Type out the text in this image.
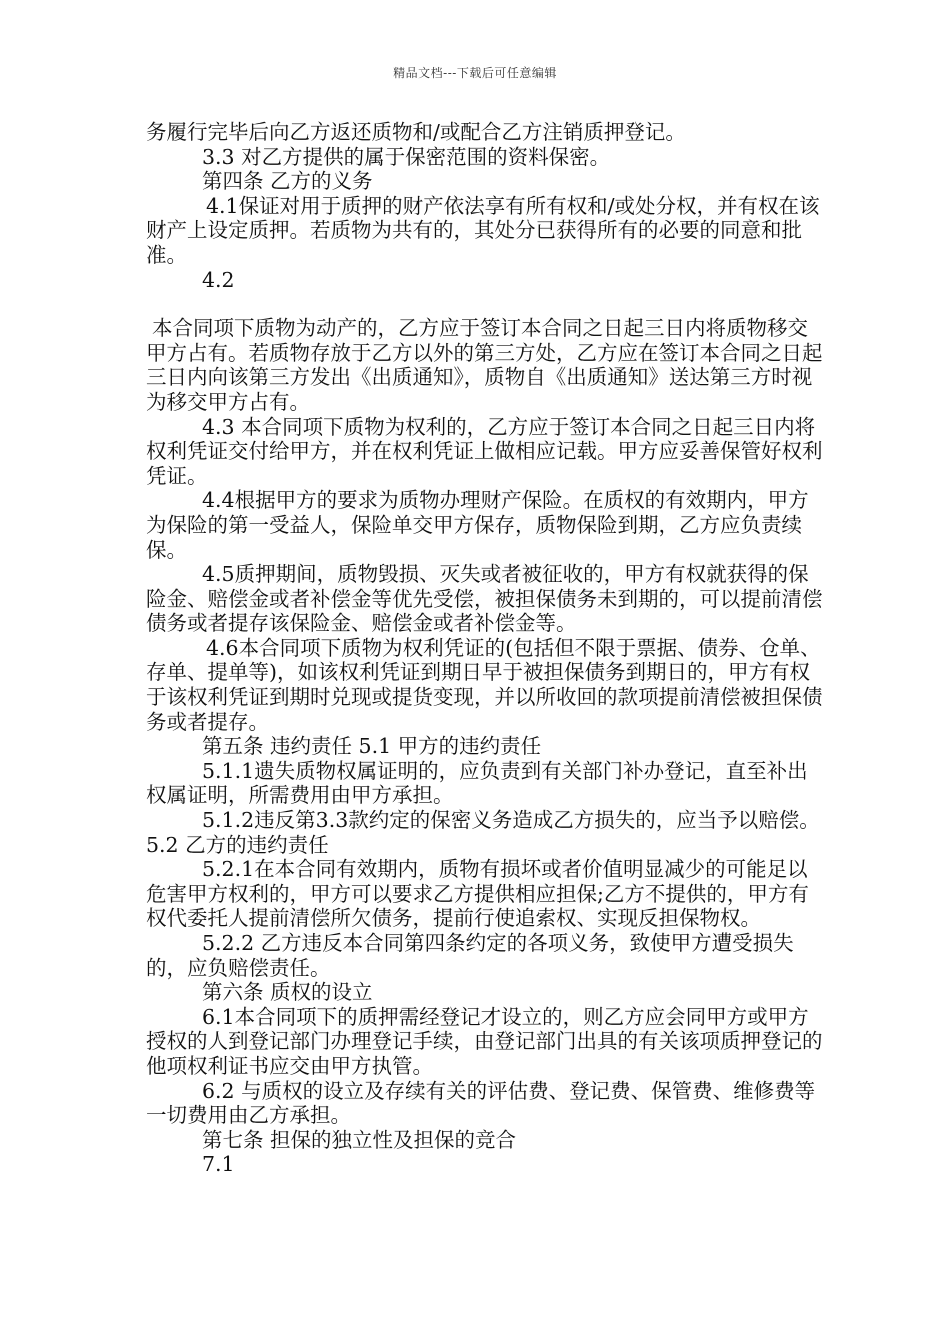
精品文档---下载后可任意编辑

务履行完毕后向乙方返还质物和/或配合乙方注销质押登记。

3.3 对乙方提供的属于保密范围的资料保密。

第四条 乙方的义务

4.1保证对用于质押的财产依法享有所有权和/或处分权，并有权在该财产上设定质押。若质物为共有的，其处分已获得所有的必要的同意和批准。

4.2

本合同项下质物为动产的，乙方应于签订本合同之日起三日内将质物移交甲方占有。若质物存放于乙方以外的第三方处，乙方应在签订本合同之日起三日内向该第三方发出《出质通知》，质物自《出质通知》送达第三方时视为移交甲方占有。

4.3 本合同项下质物为权利的，乙方应于签订本合同之日起三日内将权利凭证交付给甲方，并在权利凭证上做相应记载。甲方应妥善保管好权利凭证。

4.4根据甲方的要求为质物办理财产保险。在质权的有效期内，甲方为保险的第一受益人，保险单交甲方保存，质物保险到期，乙方应负责续保。

4.5质押期间，质物毁损、灭失或者被征收的，甲方有权就获得的保险金、赔偿金或者补偿金等优先受偿，被担保债务未到期的，可以提前清偿债务或者提存该保险金、赔偿金或者补偿金等。

4.6本合同项下质物为权利凭证的(包括但不限于票据、债券、仓单、存单、提单等)，如该权利凭证到期日早于被担保债务到期日的，甲方有权于该权利凭证到期时兑现或提货变现，并以所收回的款项提前清偿被担保债务或者提存。

第五条 违约责任 5.1 甲方的违约责任

5.1.1遗失质物权属证明的，应负责到有关部门补办登记，直至补出权属证明，所需费用由甲方承担。

5.1.2违反第3.3款约定的保密义务造成乙方损失的，应当予以赔偿。 5.2 乙方的违约责任

5.2.1在本合同有效期内，质物有损坏或者价值明显减少的可能足以危害甲方权利的，甲方可以要求乙方提供相应担保;乙方不提供的，甲方有权代委托人提前清偿所欠债务，提前行使追索权、实现反担保物权。

5.2.2 乙方违反本合同第四条约定的各项义务，致使甲方遭受损失的，应负赔偿责任。

第六条 质权的设立

6.1本合同项下的质押需经登记才设立的，则乙方应会同甲方或甲方授权的人到登记部门办理登记手续，由登记部门出具的有关该项质押登记的他项权利证书应交由甲方执管。

6.2 与质权的设立及存续有关的评估费、登记费、保管费、维修费等一切费用由乙方承担。

第七条 担保的独立性及担保的竞合

7.1
